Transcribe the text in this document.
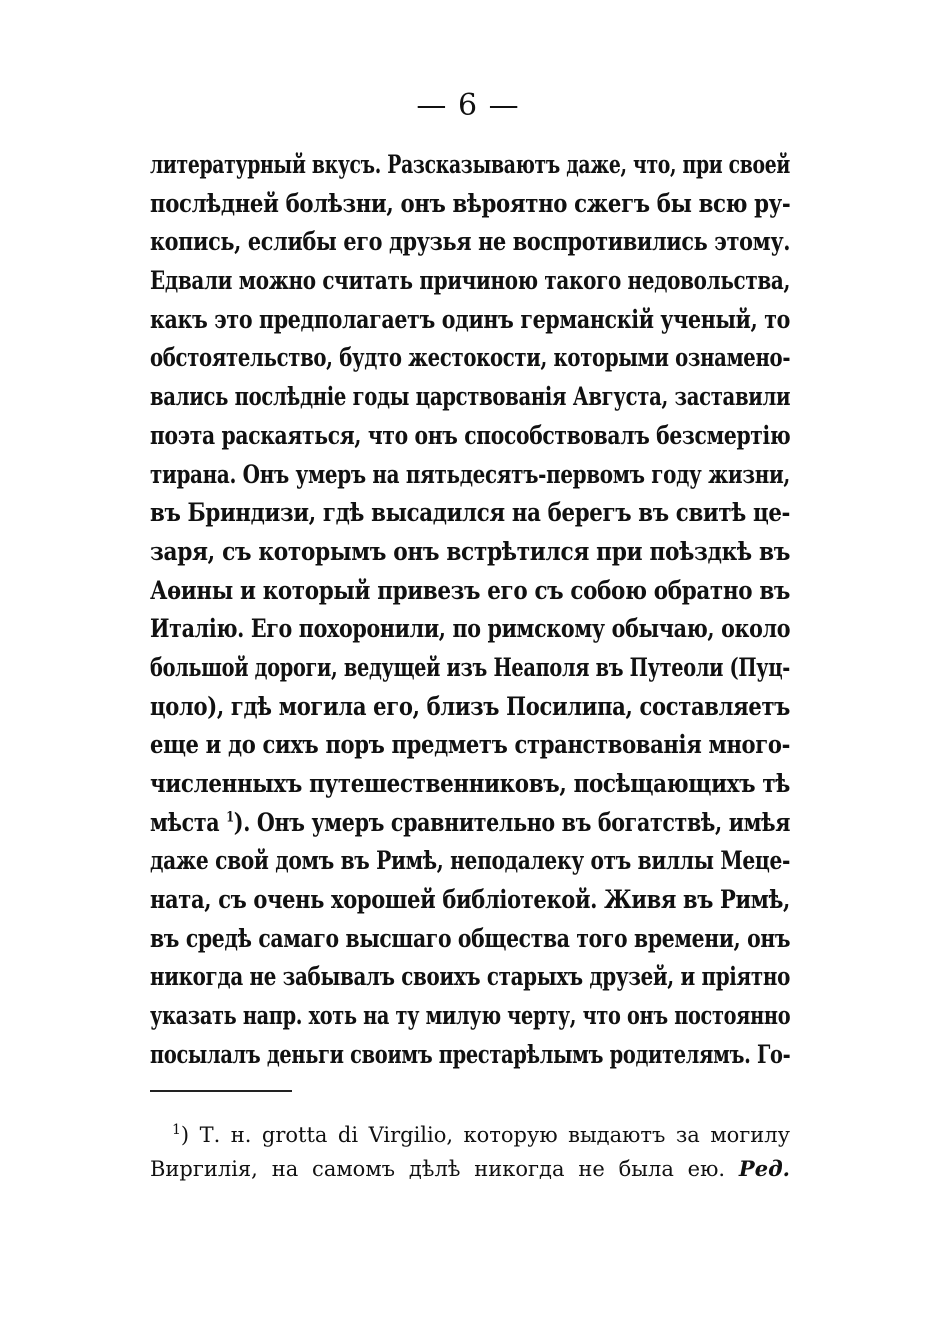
— 6 —
литературный вкусъ. Разсказываютъ даже, что, при своей
послѣдней болѣзни, онъ вѣроятно сжегъ бы всю ру-
копись, еслибы его друзья не воспротивились этому.
Едвали можно считать причиною такого недовольства,
какъ это предполагаетъ одинъ германскій ученый, то
обстоятельство, будто жестокости, которыми ознамено-
вались послѣдніе годы царствованія Августа, заставили
поэта раскаяться, что онъ способствовалъ безсмертію
тирана. Онъ умеръ на пятьдесятъ-первомъ году жизни,
въ Бриндизи, гдѣ высадился на берегъ въ свитѣ це-
заря, съ которымъ онъ встрѣтился при поѣздкѣ въ
Аѳины и который привезъ его съ собою обратно въ
Италію. Его похоронили, по римскому обычаю, около
большой дороги, ведущей изъ Неаполя въ Путеоли (Пуц-
цоло), гдѣ могила его, близъ Посилипа, составляетъ
еще и до сихъ поръ предметъ странствованія много-
численныхъ путешественниковъ, посѣщающихъ тѣ
мѣста $^1$). Онъ умеръ сравнительно въ богатствѣ, имѣя
даже свой домъ въ Римѣ, неподалеку отъ виллы Меце-
ната, съ очень хорошей библіотекой. Живя въ Римѣ,
въ средѣ самаго высшаго общества того времени, онъ
никогда не забывалъ своихъ старыхъ друзей, и пріятно
указать напр. хоть на ту милую черту, что онъ постоянно
посылалъ деньги своимъ престарѣлымъ родителямъ. Го-
$^1$) Т. н. grotta di Virgilio, которую выдаютъ за могилу
Виргилія, на самомъ дѣлѣ никогда не была ею. Ред.
